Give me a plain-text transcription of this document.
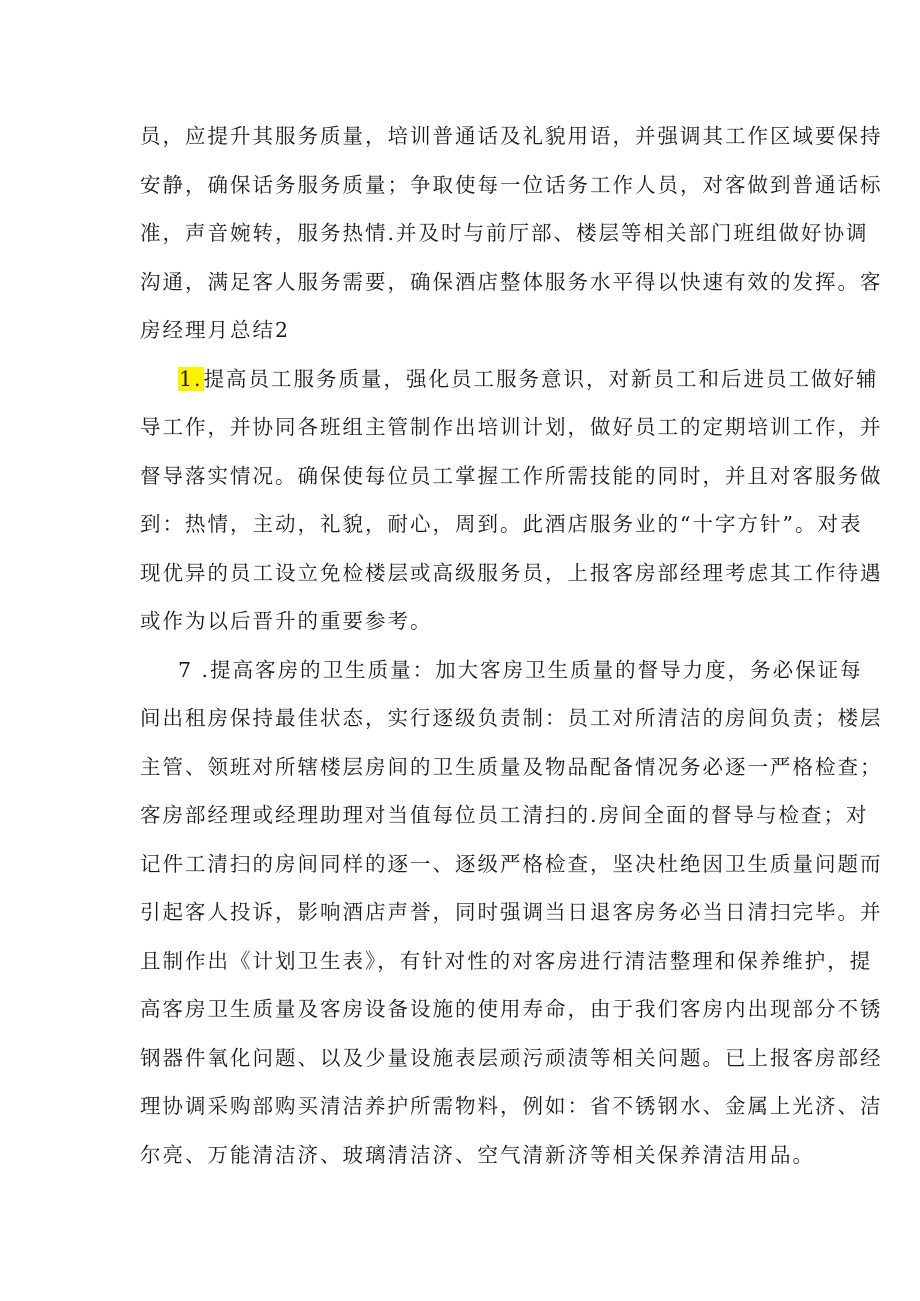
员，应提升其服务质量，培训普通话及礼貌用语，并强调其工作区域要保持
安静，确保话务服务质量；争取使每一位话务工作人员，对客做到普通话标
准，声音婉转，服务热情.并及时与前厅部、楼层等相关部门班组做好协调
沟通，满足客人服务需要，确保酒店整体服务水平得以快速有效的发挥。客
房经理月总结2
1.提高员工服务质量，强化员工服务意识，对新员工和后进员工做好辅
导工作，并协同各班组主管制作出培训计划，做好员工的定期培训工作，并
督导落实情况。确保使每位员工掌握工作所需技能的同时，并且对客服务做
到：热情，主动，礼貌，耐心，周到。此酒店服务业的“十字方针”。对表
现优异的员工设立免检楼层或高级服务员，上报客房部经理考虑其工作待遇
或作为以后晋升的重要参考。
7 .提高客房的卫生质量：加大客房卫生质量的督导力度，务必保证每
间出租房保持最佳状态，实行逐级负责制：员工对所清洁的房间负责；楼层
主管、领班对所辖楼层房间的卫生质量及物品配备情况务必逐一严格检查；
客房部经理或经理助理对当值每位员工清扫的.房间全面的督导与检查；对
记件工清扫的房间同样的逐一、逐级严格检查，坚决杜绝因卫生质量问题而
引起客人投诉，影响酒店声誉，同时强调当日退客房务必当日清扫完毕。并
且制作出《计划卫生表》，有针对性的对客房进行清洁整理和保养维护，提
高客房卫生质量及客房设备设施的使用寿命，由于我们客房内出现部分不锈
钢器件氧化问题、以及少量设施表层顽污顽渍等相关问题。已上报客房部经
理协调采购部购买清洁养护所需物料，例如：省不锈钢水、金属上光济、洁
尔亮、万能清洁济、玻璃清洁济、空气清新济等相关保养清洁用品。
